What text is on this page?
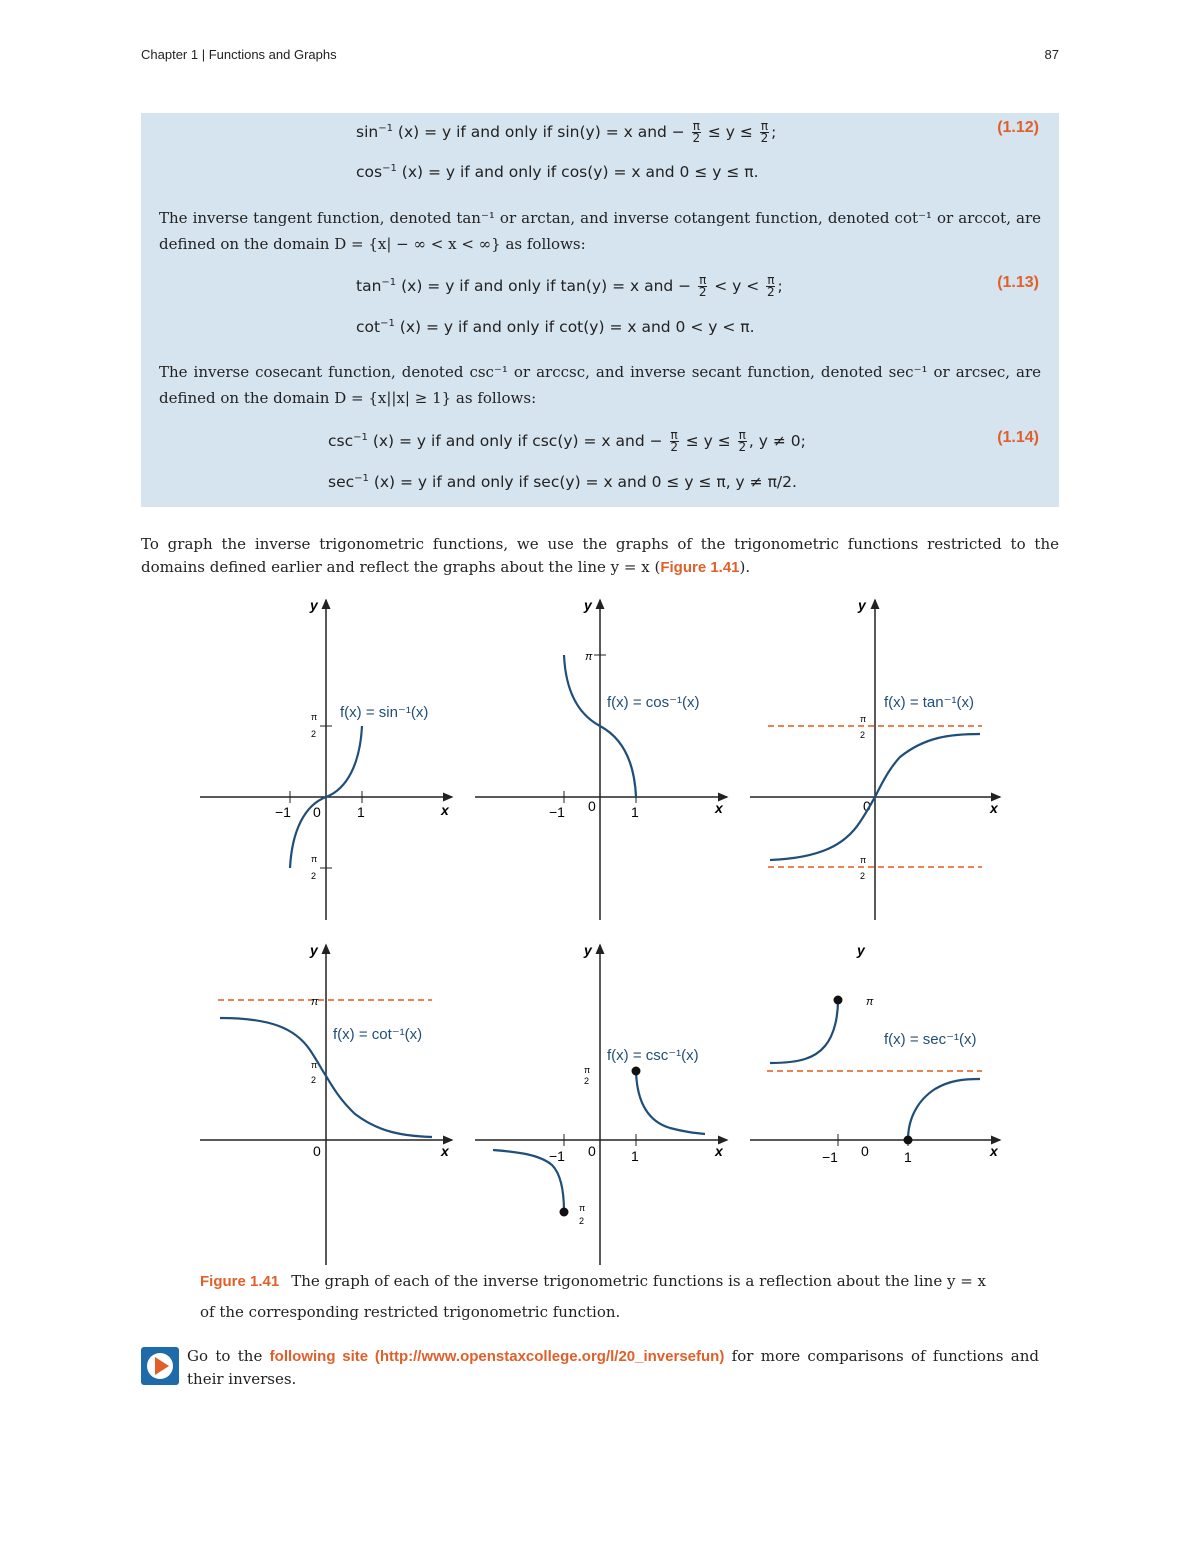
Chapter 1 | Functions and Graphs	87
$\sin^{-1} (x) = y$ if and only if sin(y) = x and − $\frac{\pi}{2} \le y \le \frac{\pi}{2}$ ;	(1.12)
$\cos^{-1} (x) = y$ if and only if cos(y) = x and 0 ≤ y ≤ π.
The inverse tangent function, denoted tan⁻¹ or arctan, and inverse cotangent function, denoted cot⁻¹ or arccot, are defined on the domain D = {x| − ∞ < x < ∞} as follows:
$\tan^{-1} (x) = y$ if and only if tan(y) = x and − $\frac{\pi}{2} < y < \frac{\pi}{2}$ ;	(1.13)
$\cot^{-1} (x) = y$ if and only if cot(y) = x and 0 < y < π.
The inverse cosecant function, denoted csc⁻¹ or arccsc, and inverse secant function, denoted sec⁻¹ or arcsec, are defined on the domain D = {x||x| ≥ 1} as follows:
$\csc^{-1} (x) = y$ if and only if csc(y) = x and − $\frac{\pi}{2} \le y \le \frac{\pi}{2}$ , y ≠ 0;	(1.14)
$\sec^{-1} (x) = y$ if and only if sec(y) = x and 0 ≤ y ≤ π, y ≠ π/2.
To graph the inverse trigonometric functions, we use the graphs of the trigonometric functions restricted to the domains defined earlier and reflect the graphs about the line y = x (Figure 1.41).
x
y
−1 0	1
π
2
π
2
f(x) = sin⁻¹(x)
x
y
−1 0	1
π
f(x) = cos⁻¹(x)
x
y
0
π
2
π
2
f(x) = tan⁻¹(x)
x
y
0
π
π
2
f(x) = cot⁻¹(x)
x
y
−1 0	1
π
2
π
2
f(x) = csc⁻¹(x)
x
y
−1 0	1
π
f(x) = sec⁻¹(x)
Figure 1.41 The graph of each of the inverse trigonometric functions is a reflection about the line y = x of the corresponding restricted trigonometric function.
Go to the following site (http://www.openstaxcollege.org/l/20_inversefun) for more comparisons of functions and their inverses.
